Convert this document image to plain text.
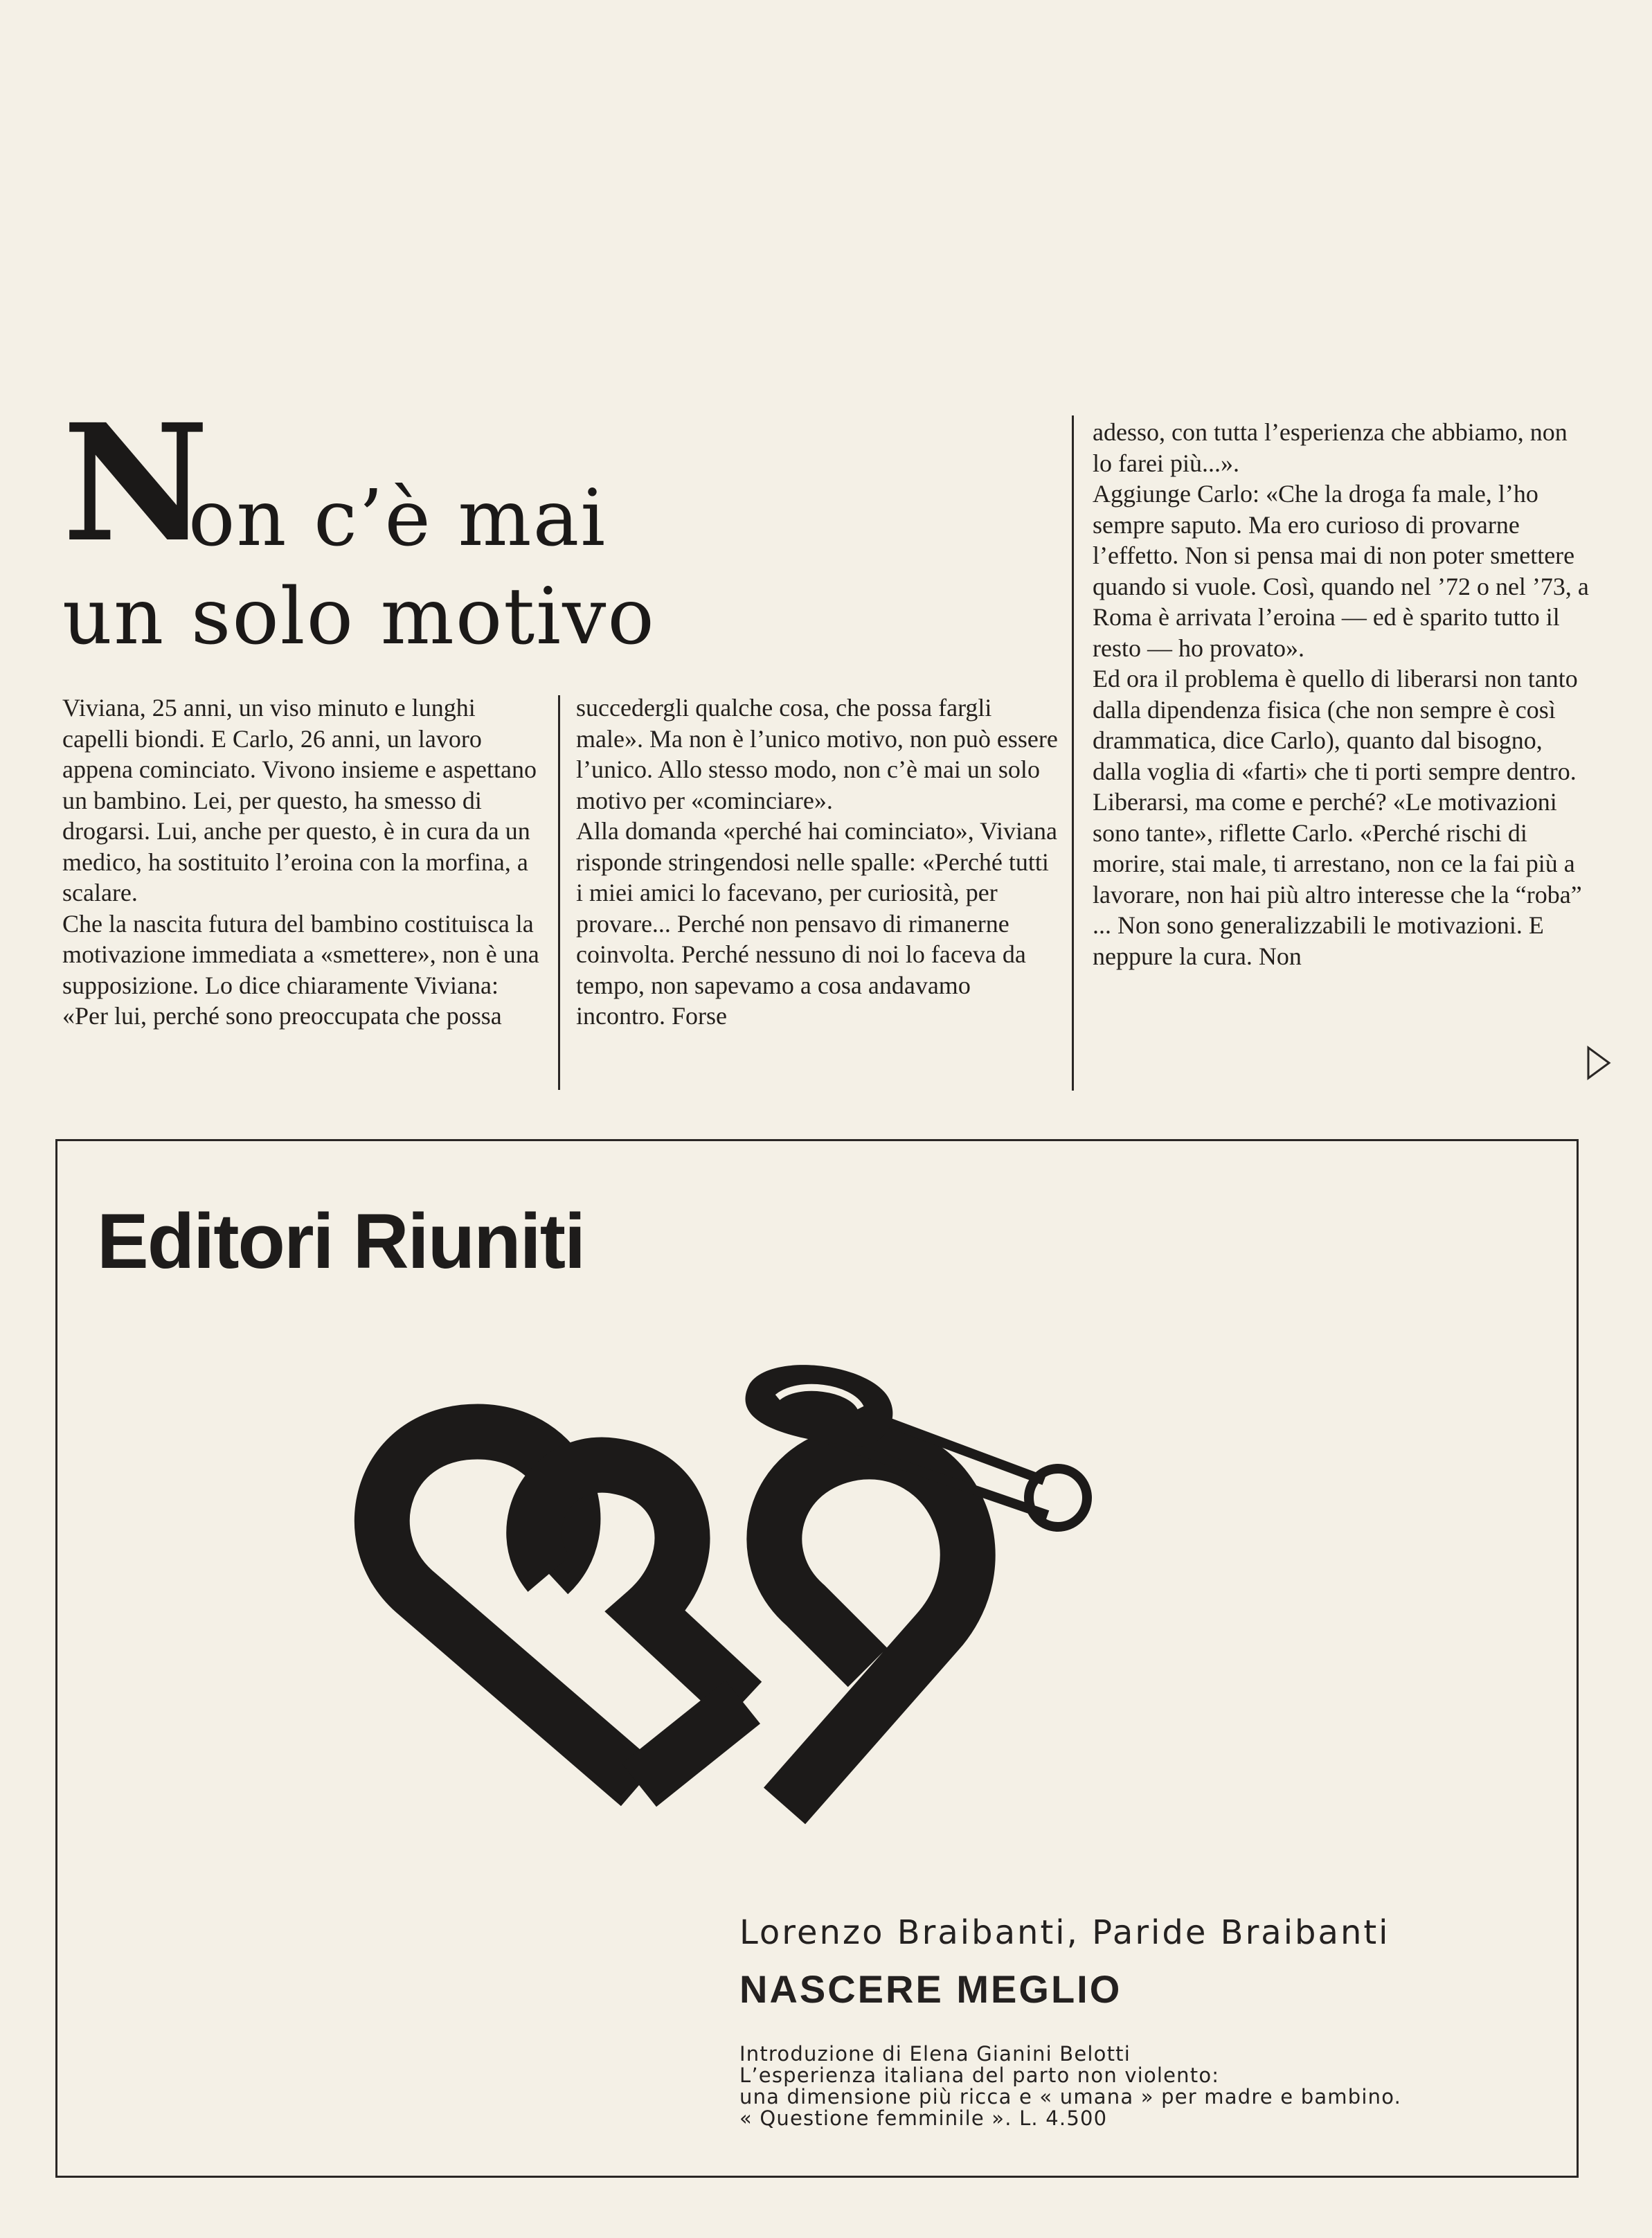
N
on c’è mai
un solo motivo

Viviana, 25 anni, un viso minuto e lunghi capelli biondi. E Carlo, 26 anni, un lavoro appena cominciato. Vivono insieme e aspettano un bambino. Lei, per questo, ha smesso di drogarsi. Lui, anche per questo, è in cura da un medico, ha sostituito l’eroina con la morfina, a scalare.

Che la nascita futura del bambino costituisca la motivazione immediata a «smettere», non è una supposizione. Lo dice chiaramente Viviana: «Per lui, perché sono preoccupata che possa

succedergli qualche cosa, che possa fargli male». Ma non è l’unico motivo, non può essere l’unico. Allo stesso modo, non c’è mai un solo motivo per «cominciare».

Alla domanda «perché hai cominciato», Viviana risponde stringendosi nelle spalle: «Perché tutti i miei amici lo facevano, per curiosità, per provare... Perché non pensavo di rimanerne coinvolta. Perché nessuno di noi lo faceva da tempo, non sapevamo a cosa andavamo incontro. Forse

adesso, con tutta l’esperienza che abbiamo, non lo farei più...».

Aggiunge Carlo: «Che la droga fa male, l’ho sempre saputo. Ma ero curioso di provarne l’effetto. Non si pensa mai di non poter smettere quando si vuole. Così, quando nel ’72 o nel ’73, a Roma è arrivata l’eroina — ed è sparito tutto il resto — ho provato».

Ed ora il problema è quello di liberarsi non tanto dalla dipendenza fisica (che non sempre è così drammatica, dice Carlo), quanto dal bisogno, dalla voglia di «farti» che ti porti sempre dentro. Liberarsi, ma come e perché? «Le motivazioni sono tante», riflette Carlo. «Perché rischi di morire, stai male, ti arrestano, non ce la fai più a lavorare, non hai più altro interesse che la “roba” ... Non sono generalizzabili le motivazioni. E neppure la cura. Non

Editori Riuniti
Lorenzo Braibanti, Paride Braibanti
NASCERE MEGLIO
Introduzione di Elena Gianini Belotti
L’esperienza italiana del parto non violento:
una dimensione più ricca e « umana » per madre e bambino.
« Questione femminile ». L. 4.500
